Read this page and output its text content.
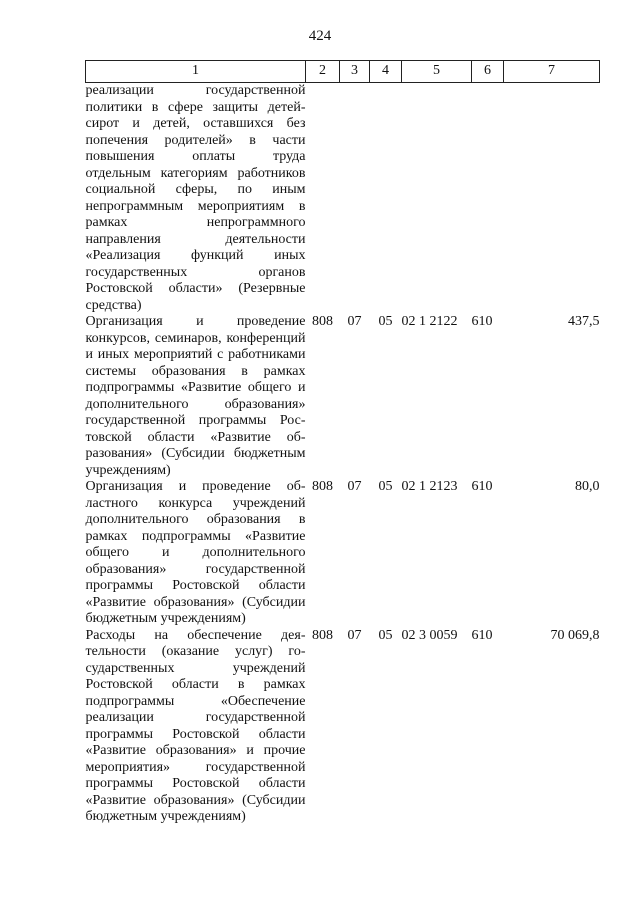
424
1	2	3	4	5	6	7
реализации государственной политики в сфере защиты детей-сирот и детей, оставшихся без попечения родителей» в части повышения оплаты труда отдельным категориям работников социальной сферы, по иным непрограммным мероприятиям в рамках непрограммного направления деятельности «Реализация функций иных государственных органов Ростовской области» (Резервные средства)						
Организация и проведение конкурсов, семинаров, конференций и иных мероприятий с работниками системы образования в рамках подпрограммы «Развитие общего и дополнительного образования» государственной программы Ростовской области «Развитие образования» (Субсидии бюджетным учреждениям)	808	07	05	02 1 2122	610	437,5
Организация и проведение областного конкурса учреждений дополнительного образования в рамках подпрограммы «Развитие общего и дополнительного образования» государственной программы Ростовской области «Развитие образования» (Субсидии бюджетным учреждениям)	808	07	05	02 1 2123	610	80,0
Расходы на обеспечение деятельности (оказание услуг) государственных учреждений Ростовской области в рамках подпрограммы «Обеспечение реализации государственной программы Ростовской области «Развитие образования» и прочие мероприятия» государственной программы Ростовской области «Развитие образования» (Субсидии бюджетным учреждениям)	808	07	05	02 3 0059	610	70 069,8
